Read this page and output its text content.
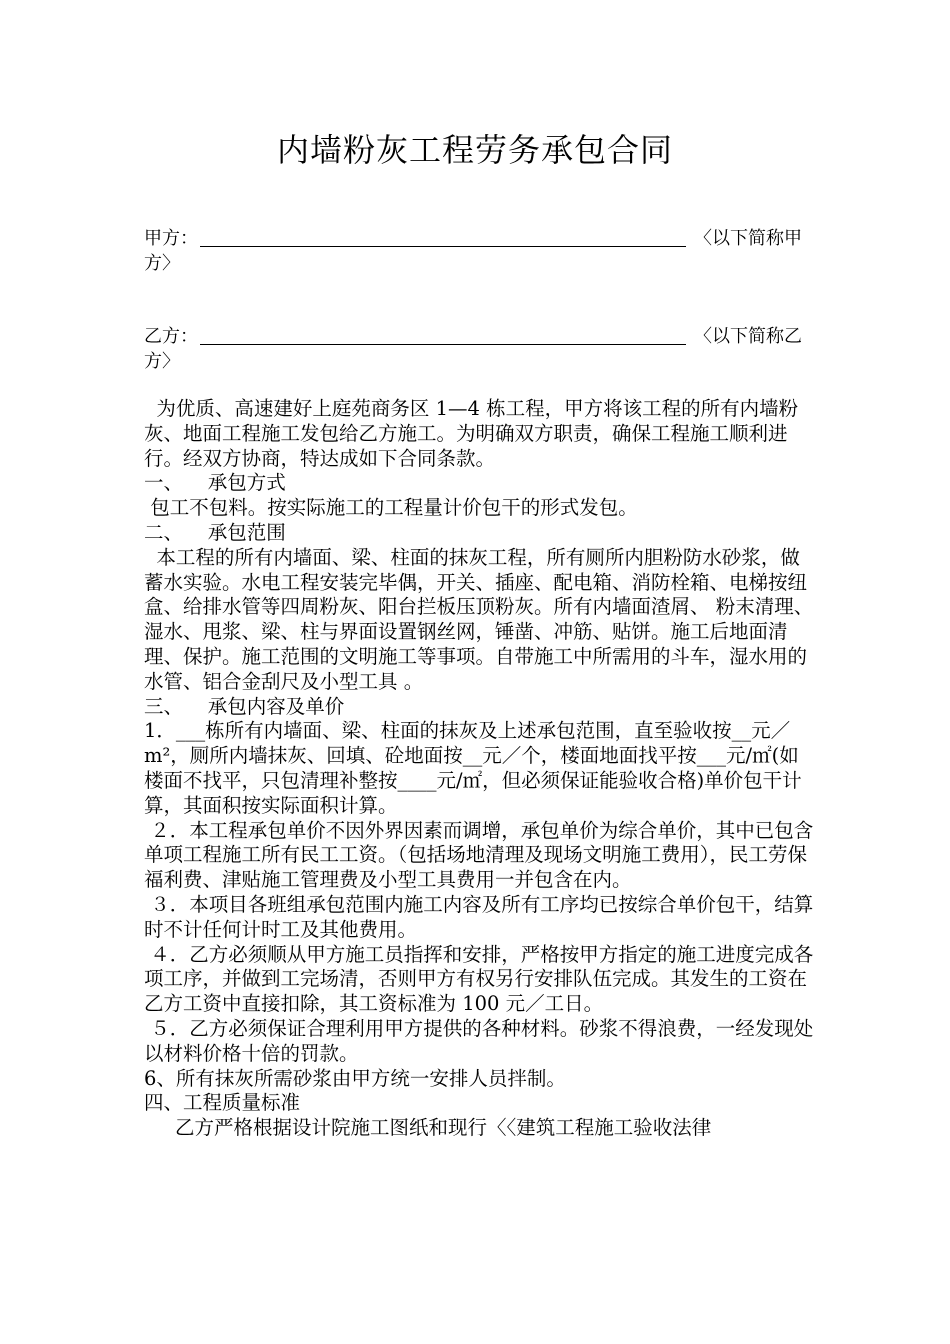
内墙粉灰工程劳务承包合同
甲方：	〈以下简称甲
方〉
乙方：	〈以下简称乙
方〉

为优质、高速建好上庭苑商务区 1—4 栋工程，甲方将该工程的所有内墙粉灰、地面工程施工发包给乙方施工。为明确双方职责，确保工程施工顺利进行。经双方协商，特达成如下合同条款。

一、    承包方式

包工不包料。按实际施工的工程量计价包干的形式发包。

二、    承包范围

本工程的所有内墙面、梁、柱面的抹灰工程，所有厕所内胆粉防水砂浆，做蓄水实验。水电工程安装完毕偶，开关、插座、配电箱、消防栓箱、电梯按纽盒、给排水管等四周粉灰、阳台拦板压顶粉灰。所有内墙面渣屑、 粉末清理、湿水、甩浆、梁、柱与界面设置钢丝网，锤凿、冲筋、贴饼。施工后地面清理、保护。施工范围的文明施工等事项。自带施工中所需用的斗车，湿水用的水管、铝合金刮尺及小型工具 。

三、    承包内容及单价

1．___栋所有内墙面、梁、柱面的抹灰及上述承包范围，直至验收按__元／m²，厕所内墙抹灰、回填、砼地面按__元／个，楼面地面找平按___元/㎡(如楼面不找平，只包清理补整按____元/㎡，但必须保证能验收合格)单价包干计算，其面积按实际面积计算。

２．本工程承包单价不因外界因素而调增，承包单价为综合单价，其中已包含单项工程施工所有民工工资。（包括场地清理及现场文明施工费用），民工劳保福利费、津贴施工管理费及小型工具费用一并包含在内。

３．本项目各班组承包范围内施工内容及所有工序均已按综合单价包干，结算时不计任何计时工及其他费用。

４．乙方必须顺从甲方施工员指挥和安排，严格按甲方指定的施工进度完成各项工序，并做到工完场清，否则甲方有权另行安排队伍完成。其发生的工资在乙方工资中直接扣除，其工资标准为 100 元／工日。

５．乙方必须保证合理利用甲方提供的各种材料。砂浆不得浪费，一经发现处以材料价格十倍的罚款。

6、所有抹灰所需砂浆由甲方统一安排人员拌制。

四、工程质量标准

乙方严格根据设计院施工图纸和现行〈〈建筑工程施工验收法律
